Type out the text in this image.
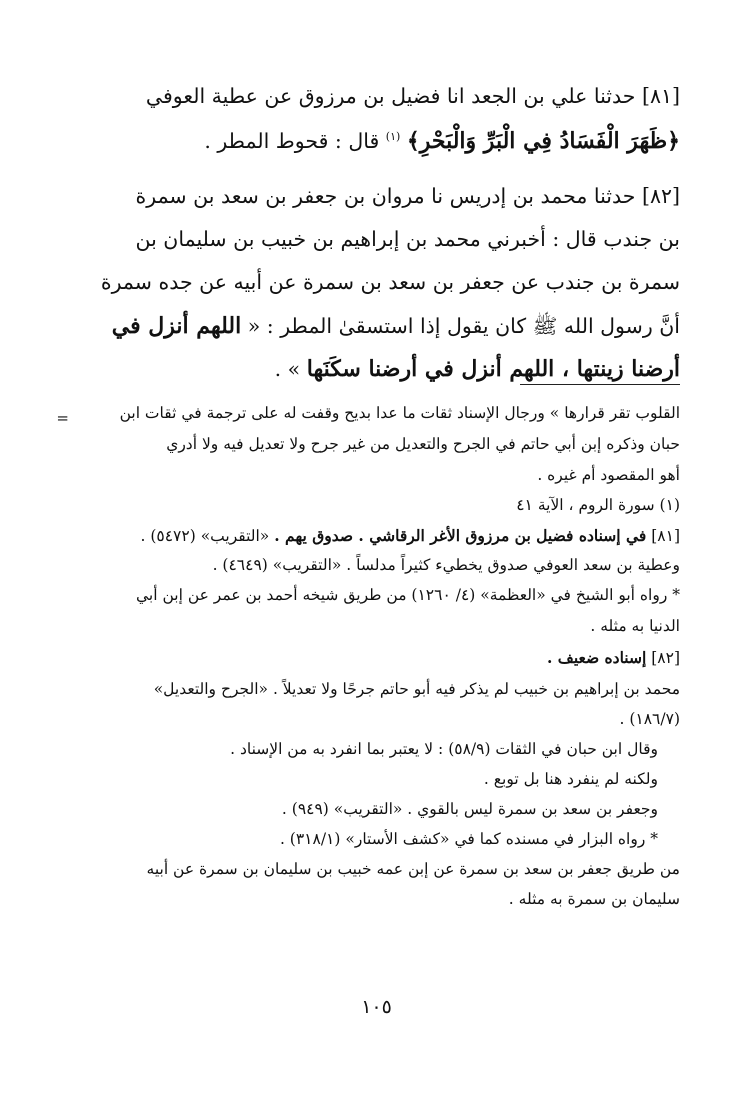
[٨١] حدثنا علي بن الجعد انا فضيل بن مرزوق عن عطية العوفي
﴿ظَهَرَ الْفَسَادُ فِي الْبَرِّ وَالْبَحْرِ﴾ $^{(١)}$ قال : قحوط المطر .
[٨٢] حدثنا محمد بن إدريس نا مروان بن جعفر بن سعد بن سمرة
بن جندب قال : أخبرني محمد بن إبراهيم بن خبيب بن سليمان بن
سمرة بن جندب عن جعفر بن سعد بن سمرة عن أبيه عن جده سمرة
أنَّ رسول الله ﷺ كان يقول إذا استسقىٰ المطر : « اللهم أنزل في
أرضنا زينتها ، اللهم أنزل في أرضنا سكَنَها » .
=	القلوب تقر قرارها » ورجال الإسناد ثقات ما عدا بديح وقفت له على ترجمة في ثقات ابن
حبان وذكره إبن أبي حاتم في الجرح والتعديل من غير جرح ولا تعديل فيه ولا أدري
أهو المقصود أم غيره .
(١) سورة الروم ، الآية ٤١
[٨١] في إسناده فضيل بن مرزوق الأغر الرقاشي . صدوق يهم . «التقريب» (٥٤٧٢) .
وعطية بن سعد العوفي صدوق يخطيء كثيراً مدلساً . «التقريب» (٤٦٤٩) .
* رواه أبو الشيخ في «العظمة» (٤/ ١٢٦٠) من طريق شيخه أحمد بن عمر عن إبن أبي
الدنيا به مثله .
[٨٢] إسناده ضعيف .
محمد بن إبراهيم بن خبيب لم يذكر فيه أبو حاتم جرحًا ولا تعديلاً . «الجرح والتعديل»
(١٨٦/٧) .
وقال ابن حبان في الثقات (٥٨/٩) : لا يعتبر بما انفرد به من الإسناد .
ولكنه لم ينفرد هنا بل توبع .
وجعفر بن سعد بن سمرة ليس بالقوي . «التقريب» (٩٤٩) .
* رواه البزار في مسنده كما في «كشف الأستار» (٣١٨/١) .
من طريق جعفر بن سعد بن سمرة عن إبن عمه خبيب بن سليمان بن سمرة عن أبيه
سليمان بن سمرة به مثله .
١٠٥
